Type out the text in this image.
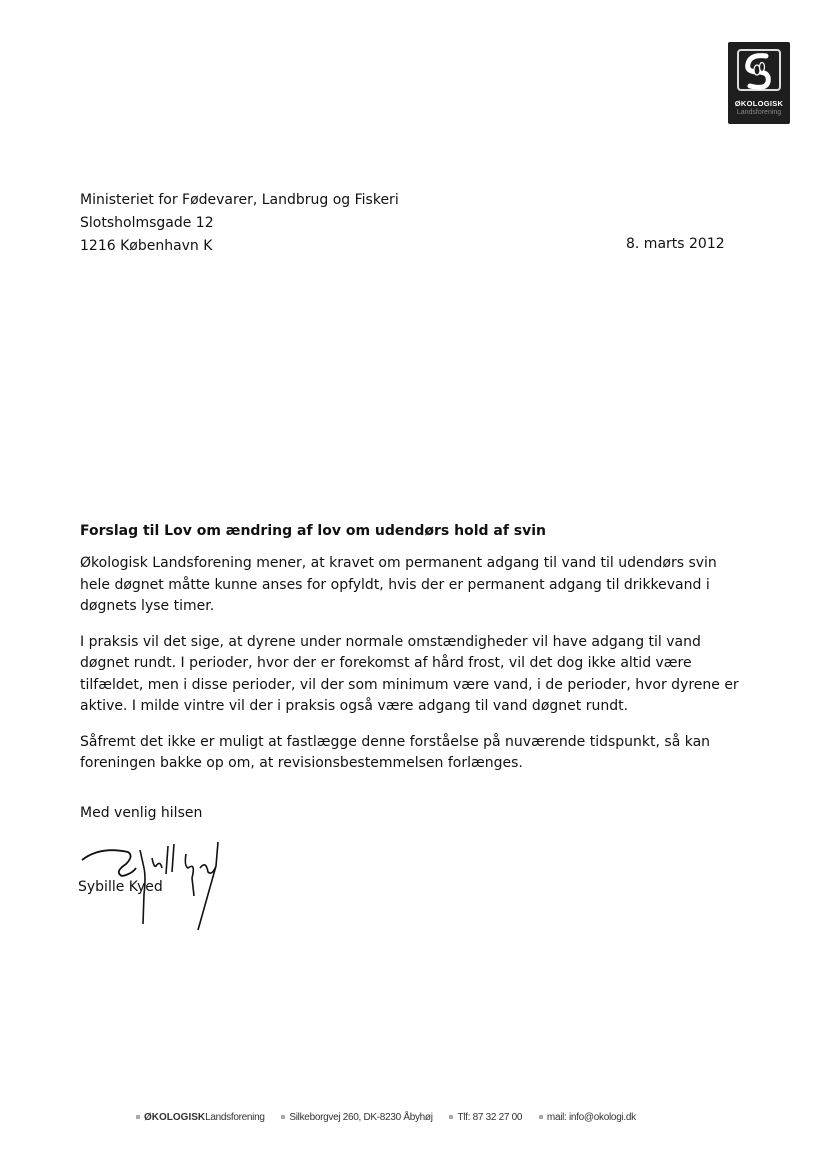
ØKOLOGISK
Landsforening
Ministeriet for Fødevarer, Landbrug og Fiskeri
Slotsholmsgade 12
1216 København K	8. marts 2012
Forslag til Lov om ændring af lov om udendørs hold af svin

Økologisk Landsforening mener, at kravet om permanent adgang til vand til udendørs svin hele døgnet måtte kunne anses for opfyldt, hvis der er permanent adgang til drikkevand i døgnets lyse timer.

I praksis vil det sige, at dyrene under normale omstændigheder vil have adgang til vand døgnet rundt. I perioder, hvor der er forekomst af hård frost, vil det dog ikke altid være tilfældet, men i disse perioder, vil der som minimum være vand, i de perioder, hvor dyrene er aktive. I milde vintre vil der i praksis også være adgang til vand døgnet rundt.

Såfremt det ikke er muligt at fastlægge denne forståelse på nuværende tidspunkt, så kan foreningen bakke op om, at revisionsbestemmelsen forlænges.

Med venlig hilsen
Sybille Kyed
ØKOLOGISKLandsforening Silkeborgvej 260, DK-8230 Åbyhøj Tlf: 87 32 27 00 mail: info@okologi.dk
